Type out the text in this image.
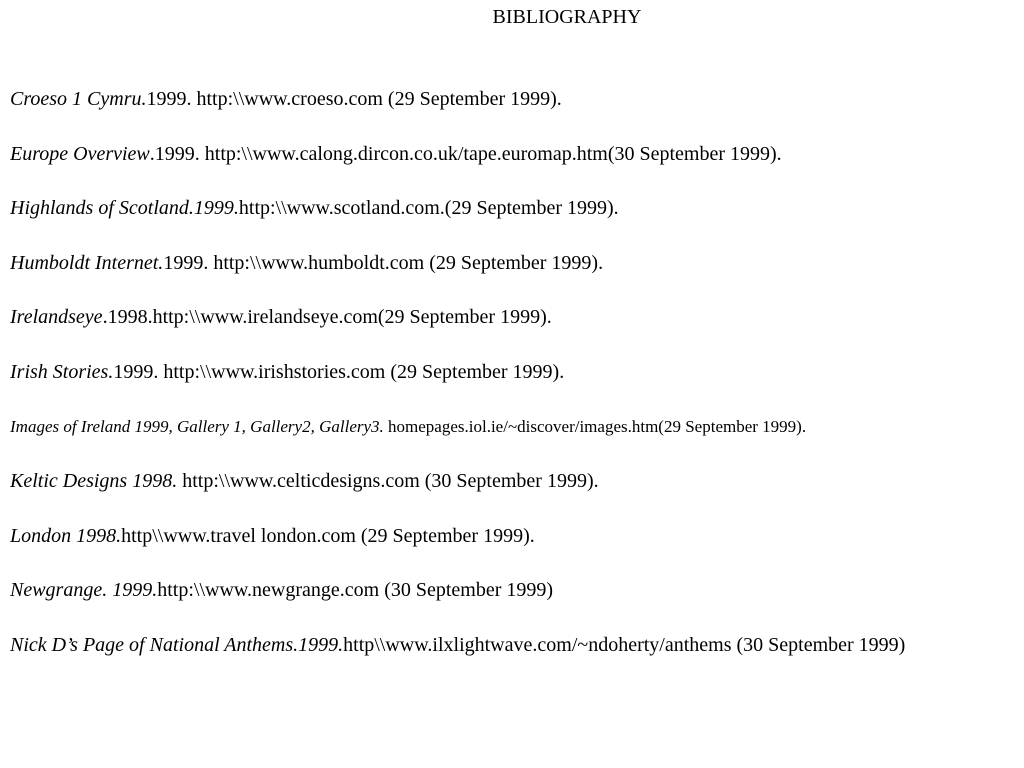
BIBLIOGRAPHY
Croeso 1 Cymru.1999. http:\\www.croeso.com (29 September 1999).
Europe Overview.1999. http:\\www.calong.dircon.co.uk/tape.euromap.htm(30 September 1999).
Highlands of Scotland.1999.http:\\www.scotland.com.(29 September 1999).
Humboldt Internet.1999. http:\\www.humboldt.com (29 September 1999).
Irelandseye.1998.http:\\www.irelandseye.com(29 September 1999).
Irish Stories.1999. http:\\www.irishstories.com (29 September 1999).
Images of Ireland 1999, Gallery 1, Gallery2, Gallery3. homepages.iol.ie/~discover/images.htm(29 September 1999).
Keltic Designs 1998. http:\\www.celticdesigns.com (30 September 1999).
London 1998.http\\www.travel london.com (29 September 1999).
Newgrange. 1999.http:\\www.newgrange.com (30 September 1999)
Nick D’s Page of National Anthems.1999.http\\www.ilxlightwave.com/~ndoherty/anthems (30 September 1999)
